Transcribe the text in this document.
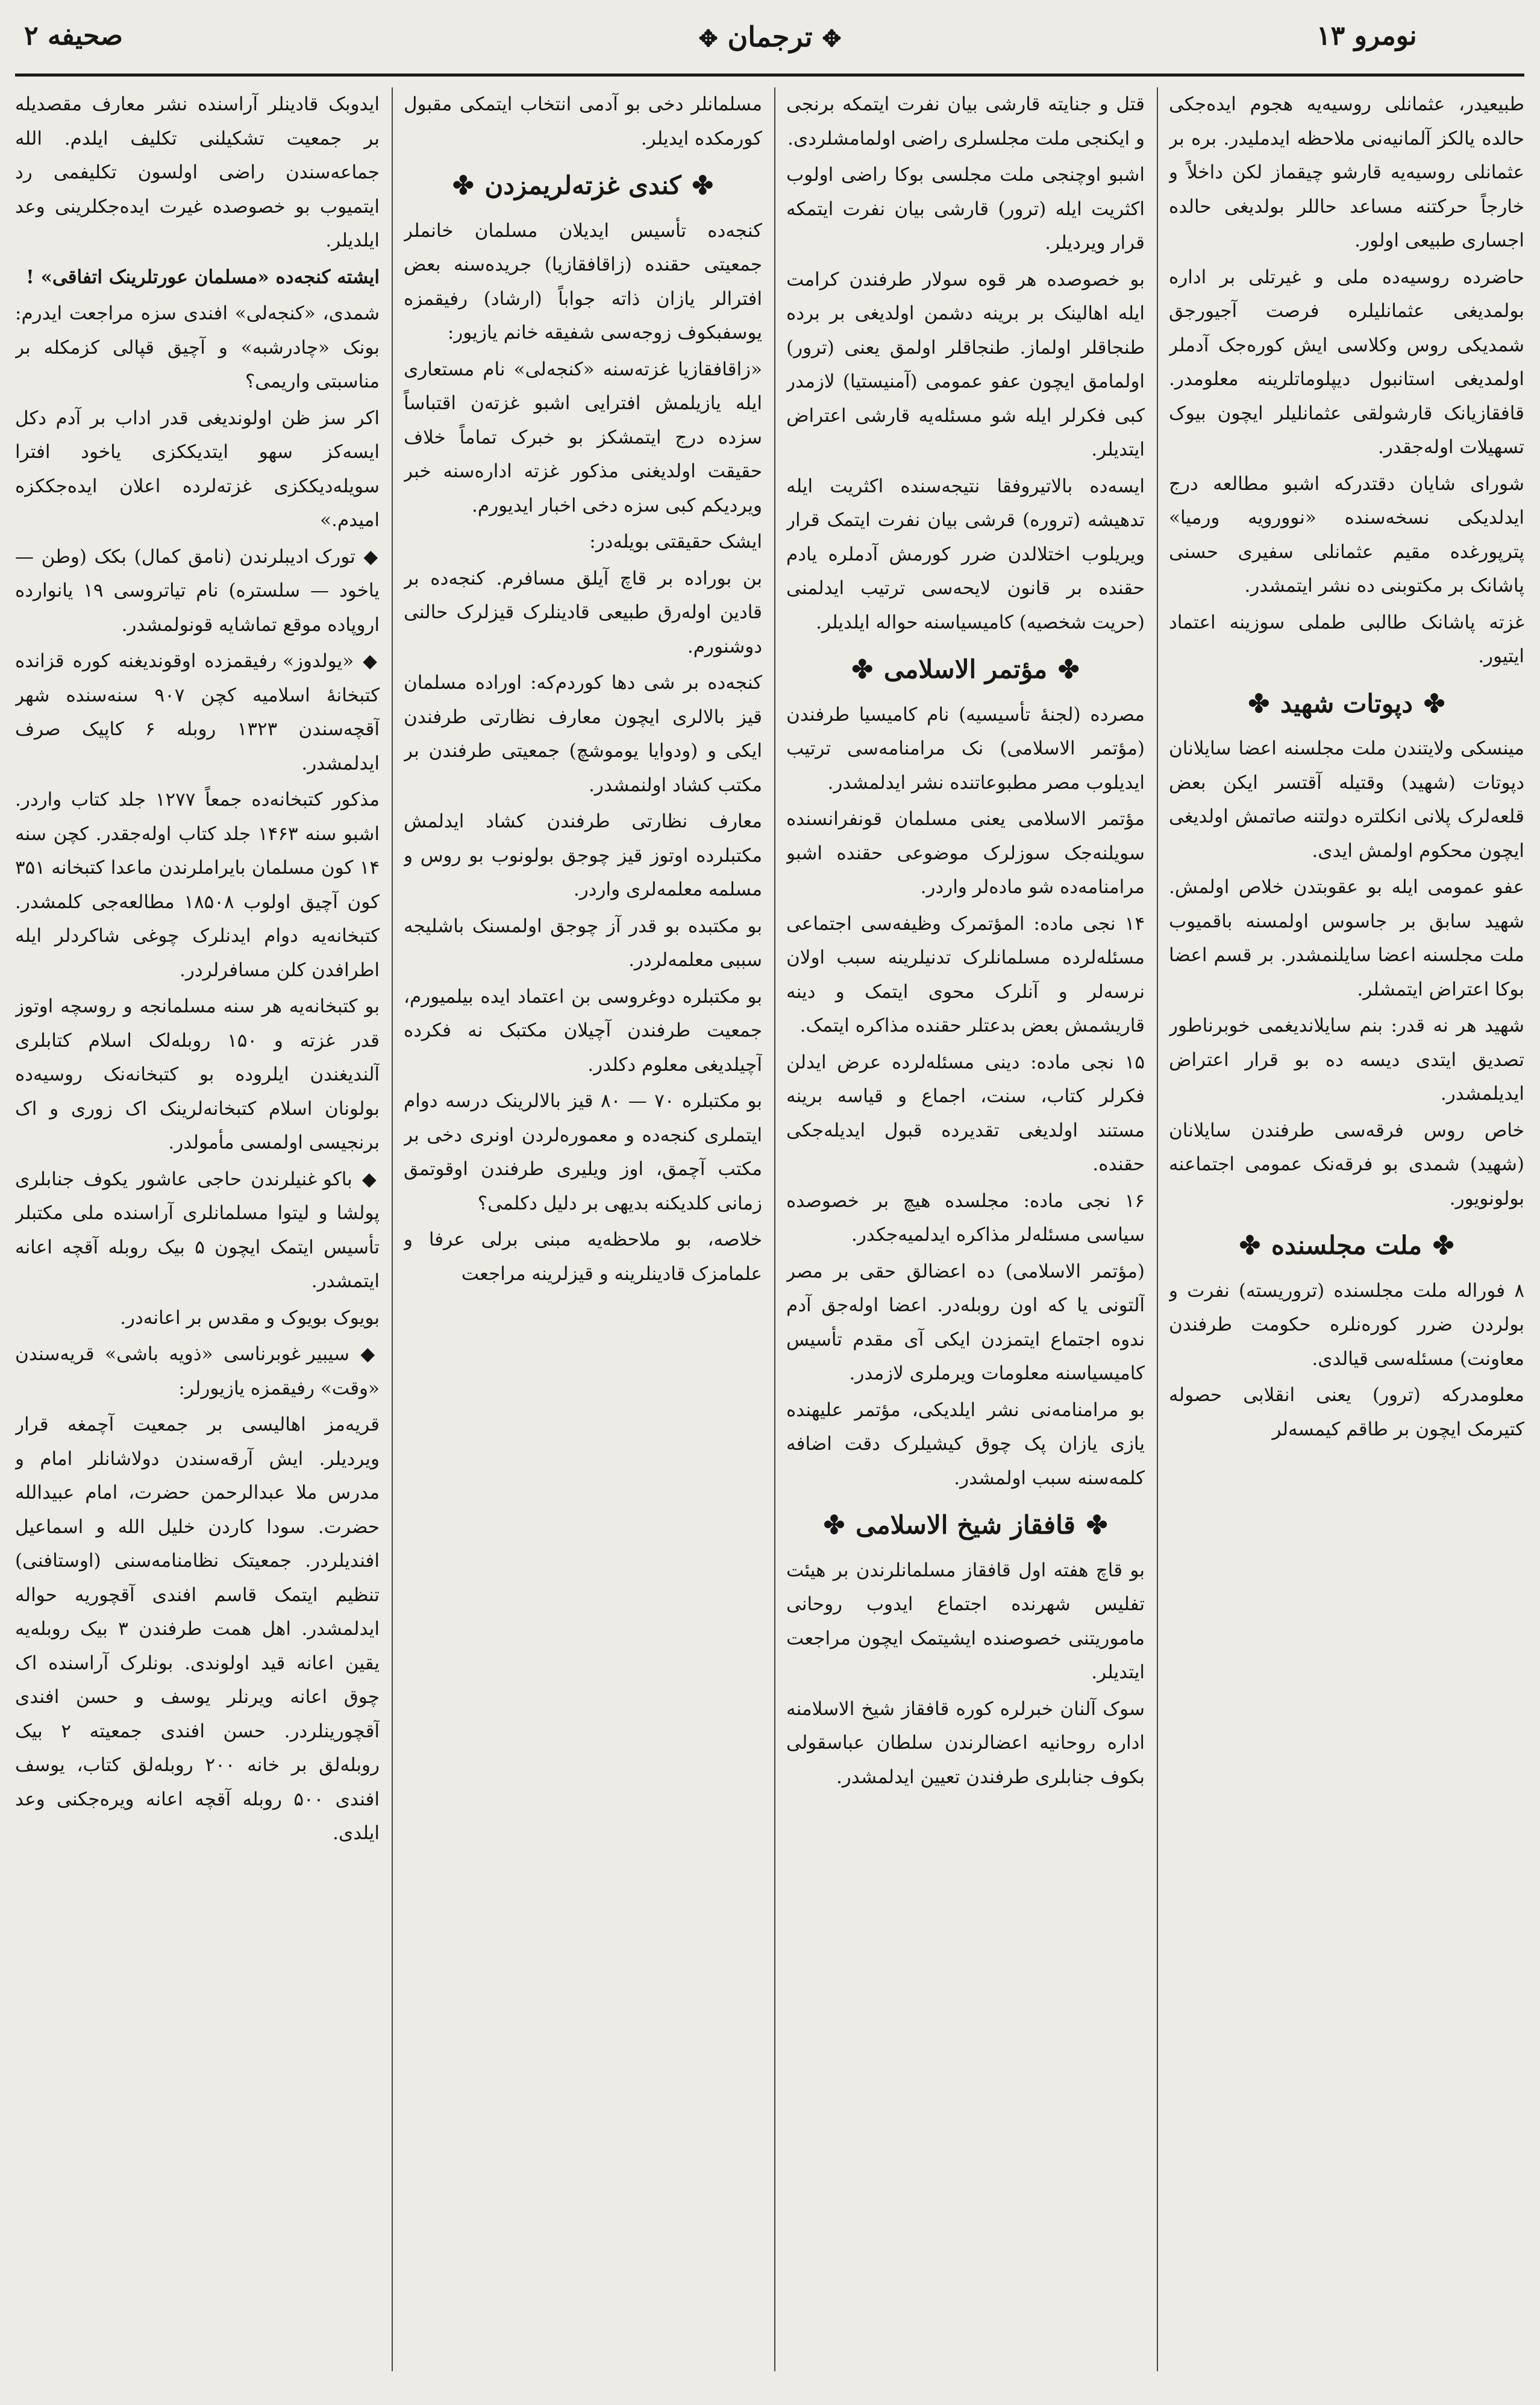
نومرو ۱۳
✥ ترجمان ✥
صحیفه ۲

طبیعیدر، عثمانلی روسیه‌یه هجوم ایده‌جکی حالده یالکز آلمانیه‌نی ملاحظه ایدملیدر. بره بر عثمانلی روسیه‌یه قارشو چیقماز لکن داخلاً و خارجاً حرکتنه مساعد حاللر بولدیغی حالده اجساری طبیعی اولور.

حاضرده روسیه‌ده ملی و غیرتلی بر اداره بولمدیغی عثمانلیلره فرصت آجیورجق شمدیکی روس وکلاسی ایش کوره‌جک آدملر اولمدیغی استانبول دیپلوماتلرینه معلومدر. قافقازیانک قارشولقی عثمانلیلر ایچون بیوک تسهیلات اوله‌جقدر.

شورای شایان دقتدرکه اشبو مطالعه درج ایدلدیکی نسخه‌سنده «نوورویه ورمیا» پترپورغده مقیم عثمانلی سفیری حسنی پاشانک بر مکتوبنی ده نشر ایتمشدر.

غزته پاشانک طالبی طملی سوزینه اعتماد ایتیور.

✤
دپوتات شهید
✤

مینسکی ولایتندن ملت مجلسنه اعضا سایلانان دپوتات (شهید) وقتیله آقتسر ایکن بعض قلعه‌لرک پلانی انکلتره دولتنه صاتمش اولدیغی ایچون محکوم اولمش ایدی.

عفو عمومی ایله بو عقوبتدن خلاص اولمش. شهید سابق بر جاسوس اولمسنه باقمیوب ملت مجلسنه اعضا سایلنمشدر. بر قسم اعضا بوکا اعتراض ایتمشلر.

شهید هر نه قدر: بنم سایلاندیغمی خوبرناطور تصدیق ایتدی دیسه ده بو قرار اعتراض ایدیلمشدر.

خاص روس فرقه‌سی طرفندن سایلانان (شهید) شمدی بو فرقه‌نک عمومی اجتماعنه بولونویور.

✤
ملت مجلسنده
✤

۸ فوراله ملت مجلسنده (تروریسته) نفرت و بولردن ضرر کوره‌نلره حکومت طرفندن معاونت) مسئله‌سی قیالدی.

معلومدرکه (ترور) یعنی انقلابی حصوله کتیرمک ایچون بر طاقم کیمسه‌لر

قتل و جنایته قارشی بیان نفرت ایتمکه برنجی و ایکنجی ملت مجلسلری راضی اولمامشلردی.

اشبو اوچنجی ملت مجلسی بوکا راضی اولوب اکثریت ایله (ترور) قارشی بیان نفرت ایتمکه قرار ویردیلر.

بو خصوصده هر قوه سولار طرفندن کرامت ایله اهالینک بر برینه دشمن اولدیغی بر برده طنجاقلر اولماز. طنجاقلر اولمق یعنی (ترور) اولمامق ایچون عفو عمومی (آمنیستیا) لازمدر کبی فکرلر ایله شو مسئله‌یه قارشی اعتراض ایتدیلر.

ایسه‌ده بالاتیروفقا نتیجه‌سنده اکثریت ایله تدهیشه (تروره) قرشی بیان نفرت ایتمک قرار ویریلوب اختلالدن ضرر کورمش آدملره یادم حقنده بر قانون لایحه‌سی ترتیب ایدلمنی (حریت شخصیه) کامیسیاسنه حواله ایلدیلر.

✤
مؤتمر الاسلامی
✤

مصرده (لجنهٔ تأسیسیه) نام کامیسیا طرفندن (مؤتمر الاسلامی) نک مرامنامه‌سی ترتیب ایدیلوب مصر مطبوعاتنده نشر ایدلمشدر.

مؤتمر الاسلامی یعنی مسلمان قونفرانسنده سویلنه‌جک سوزلرک موضوعی حقنده اشبو مرامنامه‌ده شو ماده‌لر واردر.

۱۴ نجی ماده: المؤتمرک وظیفه‌سی اجتماعی مسئله‌لرده مسلمانلرک تدنیلرینه سبب اولان نرسه‌لر و آنلرک محوی ایتمک و دینه قاریشمش بعض بدعتلر حقنده مذاکره ایتمک.

۱۵ نجی ماده: دینی مسئله‌لرده عرض ایدلن فکرلر کتاب، سنت، اجماع و قیاسه برینه مستند اولدیغی تقدیرده قبول ایدیله‌جکی حقنده.

۱۶ نجی ماده: مجلسده هیچ بر خصوصده سیاسی مسئله‌لر مذاکره ایدلمیه‌جکدر.

(مؤتمر الاسلامی) ده اعضالق حقی بر مصر آلتونی یا که اون روبله‌در. اعضا اوله‌جق آدم ندوه اجتماع ایتمزدن ایکی آی مقدم تأسیس کامیسیاسنه معلومات ویرملری لازمدر.

بو مرامنامه‌نی نشر ایلدیکی، مؤتمر علیهنده یازی یازان پک چوق کیشیلرک دقت اضافه کلمه‌سنه سبب اولمشدر.

✤
قافقاز شیخ الاسلامی
✤

بو قاچ هفته اول قافقاز مسلمانلرندن بر هیئت تفلیس شهرنده اجتماع ایدوب روحانی ماموریتنی خصوصنده ایشیتمک ایچون مراجعت ایتدیلر.

سوک آلنان خبرلره کوره قافقاز شیخ الاسلامنه اداره روحانیه اعضالرندن سلطان عباسقولی بکوف جنابلری طرفندن تعیین ایدلمشدر.

مسلمانلر دخی بو آدمی انتخاب ایتمکی مقبول کورمکده ایدیلر.

✤
کندی غزته‌لریمزدن
✤

کنجه‌ده تأسیس ایدیلان مسلمان خانملر جمعیتی حقنده (زاقافقازیا) جریده‌سنه بعض افترالر یازان ذاته جواباً (ارشاد) رفیقمزه یوسفبکوف زوجه‌سی شفیقه خانم یازیور:

«زاقافقازیا غزته‌سنه «کنجه‌لی» نام مستعاری ایله یازیلمش افترایی اشبو غزته‌ن اقتباساً سزده درج ایتمشکز بو خبرک تماماً خلاف حقیقت اولدیغنی مذکور غزته اداره‌سنه خبر ویردیکم کبی سزه دخی اخبار ایدیورم.

ایشک حقیقتی بویله‌در:

بن بوراده بر قاچ آیلق مسافرم. کنجه‌ده بر قادین اوله‌رق طبیعی قادینلرک قیزلرک حالنی دوشنورم.

کنجه‌ده بر شی دها کوردم‌که: اوراده مسلمان قیز بالالری ایچون معارف نظارتی طرفندن ایکی و (ودوایا یوموشچ) جمعیتی طرفندن بر مکتب کشاد اولنمشدر.

معارف نظارتی طرفندن کشاد ایدلمش مکتبلرده اوتوز قیز چوجق بولونوب بو روس و مسلمه معلمه‌لری واردر.

بو مکتبده بو قدر آز چوجق اولمسنک باشلیجه سببی معلمه‌لردر.

بو مکتبلره دوغروسی بن اعتماد ایده بیلمیورم، جمعیت طرفندن آچیلان مکتبک نه فکرده آچیلدیغی معلوم دکلدر.

بو مکتبلره ۷۰ — ۸۰ قیز بالالرینک درسه دوام ایتملری کنجه‌ده و معموره‌لردن اونری دخی بر مکتب آچمق، اوز ویلیری طرفندن اوقوتمق زمانی کلدیکنه بدیهی بر دلیل دکلمی؟

خلاصه، بو ملاحظه‌یه مبنی برلی عرفا و علمامزک قادینلرینه و قیزلرینه مراجعت

ایدوبک قادینلر آراسنده نشر معارف مقصدیله بر جمعیت تشکیلنی تکلیف ایلدم. الله جماعه‌سندن راضی اولسون تکلیفمی رد ایتمیوب بو خصوصده غیرت ایده‌جکلرینی وعد ایلدیلر.

ایشته کنجه‌ده «مسلمان عورتلرینک اتفاقی» !

شمدی، «کنجه‌لی» افندی سزه مراجعت ایدرم: بونک «چادرشبه» و آچیق قپالی کزمکله بر مناسبتی واریمی؟

اکر سز ظن اولوندیغی قدر اداب بر آدم دکل ایسه‌کز سهو ایتدیککزی یاخود افترا سویله‌دیککزی غزته‌لرده اعلان ایده‌جککزه امیدم.»

◆ تورک ادیبلرندن (نامق کمال) بکک (وطن — یاخود — سلستره) نام تیاتروسی ۱۹ یانوارده اروپاده موقع تماشایه قونولمشدر.

◆ «یولدوز» رفیقمزده اوقوندیغنه کوره قزانده کتبخانهٔ اسلامیه کچن ۹۰۷ سنه‌سنده شهر آقچه‌سندن ۱۳۲۳ روبله ۶ کاپیک صرف ایدلمشدر.

مذکور کتبخانه‌ده جمعاً ۱۲۷۷ جلد کتاب واردر. اشبو سنه ۱۴۶۳ جلد کتاب اوله‌جقدر. کچن سنه ۱۴ کون مسلمان بایراملرندن ماعدا کتبخانه ۳۵۱ کون آچیق اولوب ۱۸۵۰۸ مطالعه‌جی کلمشدر. کتبخانه‌یه دوام ایدنلرک چوغی شاکردلر ایله اطرافدن کلن مسافرلردر.

بو کتبخانه‌یه هر سنه مسلمانجه و روسچه اوتوز قدر غزته و ۱۵۰ روبله‌لک اسلام کتابلری آلندیغندن ایلروده بو کتبخانه‌نک روسیه‌ده بولونان اسلام کتبخانه‌لرینک اک زوری و اک برنجیسی اولمسی مأمولدر.

◆ باکو غنیلرندن حاجی عاشور یکوف جنابلری پولشا و لیتوا مسلمانلری آراسنده ملی مکتبلر تأسیس ایتمک ایچون ۵ بیک روبله آقچه اعانه ایتمشدر.

بویوک بویوک و مقدس بر اعانه‌در.

◆ سیبیر غوبرناسی «ذویه باشی» قریه‌سندن «وقت» رفیقمزه یازیورلر:

قریه‌مز اهالیسی بر جمعیت آچمغه قرار ویردیلر. ایش آرقه‌سندن دولاشانلر امام و مدرس ملا عبدالرحمن حضرت، امام عبیدالله حضرت. سودا کاردن خلیل الله و اسماعیل افندیلردر. جمعیتک نظامنامه‌سنی (اوستافنی) تنظیم ایتمک قاسم افندی آقچوریه حواله ایدلمشدر. اهل همت طرفندن ۳ بیک روبله‌یه یقین اعانه قید اولوندی. بونلرک آراسنده اک چوق اعانه ویرنلر یوسف و حسن افندی آقچورینلردر. حسن افندی جمعیته ۲ بیک روبله‌لق بر خانه ۲۰۰ روبله‌لق کتاب، یوسف افندی ۵۰۰ روبله آقچه اعانه ویره‌جکنی وعد ایلدی.
